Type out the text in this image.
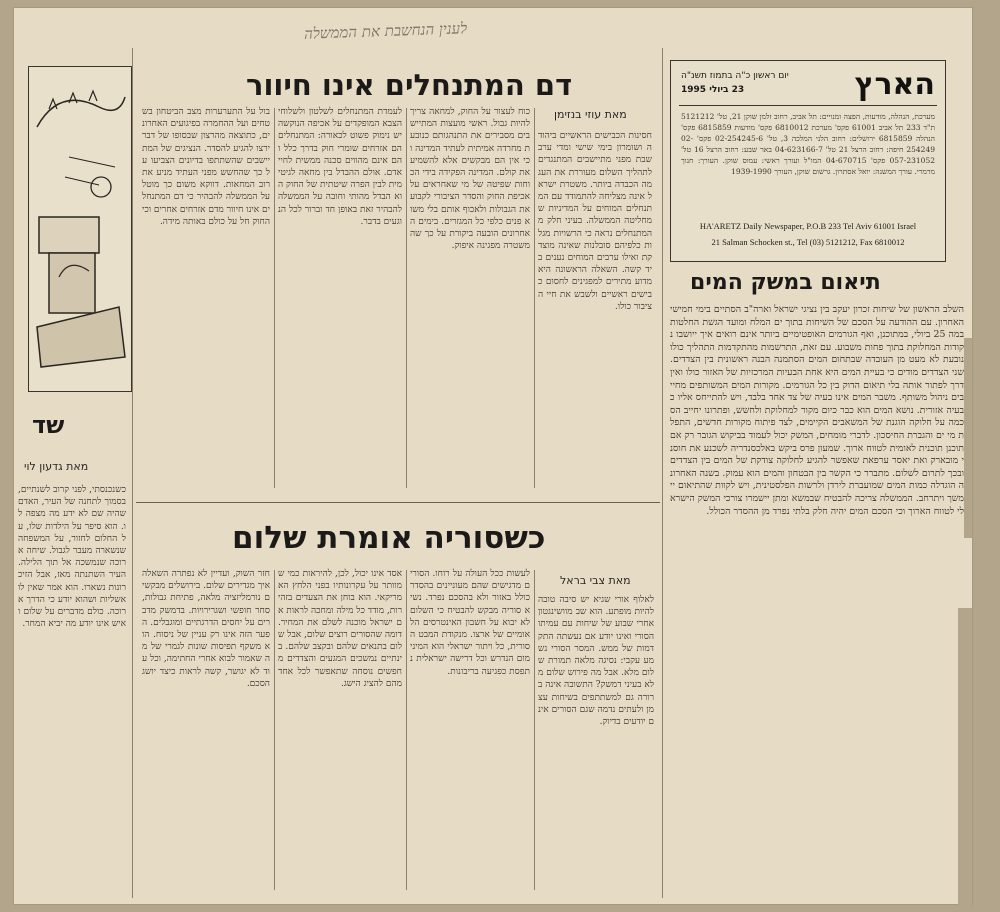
לענין הנחשבת את הממשלה
שד
מאת גדעון לוי
כשנכנסתי, לפני קרוב לשנתיים, בסמוך לתחנה של העיר, האדם שהיה שם לא ידע מה מצפה לו. הוא סיפר על הילדות שלו, על החלום לחזור, על המשפחה שנשארה מעבר לגבול. שיחה ארוכה שנמשכה אל תוך הלילה. העיר השתנתה מאז, אבל הזיכרונות נשארו. הוא אמר שאין לו אשליות ושהוא יודע כי הדרך ארוכה. כולם מדברים על שלום ואיש אינו יודע מה יביא המחר.
דם המתנחלים אינו חיוור
מאת עוזי בנזימן
חסינות הכבישים הראשיים ביהודה ושומרון בימי שישי ומדי ערב שבת מפני מתיישבים המתנגדים לתהליך השלום מעוררת את העגמה הכבדה ביותר. משטרת ישראל אינה מצליחה להתמודד עם המתנחלים המוחים על המדיניות שמחליטה הממשלה. בעיני חלק מהמתנחלים נראה כי הרשויות מגלות כלפיהם סובלנות שאינה מוצדקת ואילו ערבים המוחים נענים ביד קשה. השאלה הראשונה היא מדוע מתירים למפגינים לחסום כבישים ראשיים ולשבש את חיי הציבור כולו.
כוח לעצור על החוק, למחאה צריך להיות גבול. ראשי מועצות המתיישבים מסבירים את התנהגותם כנובעת מחרדה אמיתית לעתיד המדינה וכי אין הם מבקשים אלא להשמיע את קולם. המדינה הפקידה בידי הכוחות שפיטה של מי שאחראים על אכיפת החוק והסדר הציבורי לקבוע את הגבולות ולאכוף אותם בלי משוא פנים כלפי כל המגזרים. בימים האחרונים הובעה ביקורת על כך שהמשטרה מפגינה איפוק.
לעמדת המתנחלים לשלטון ולשלוחי הצבא המופקדים על אכיפה הנוקשה יש נימוק פשוט לכאורה: המתנחלים הם אזרחים שומרי חוק בדרך כלל והם אינם מהווים סכנה ממשית לחיי אדם. אולם ההבדל בין מחאה לגיטימית לבין הפרה שיטתית של החוק הוא הבדל מהותי וחובה על הממשלה להבהיר זאת באופן חד וברור לכל הנוגעים בדבר.
בול על התערערות מצב הביטחון בשטחים ועל ההחמרה בפיגועים האחרונים, כתוצאה מהרצון שבסופו של דבר ירצו להגיע להסדר. הנציגים של המתיישבים שהשתתפו בדיונים הצביעו על כך שהחשש מפני העתיד מניע את רוב המחאות. דווקא משום כך מוטל על הממשלה להבהיר כי דם המתנחלים אינו חיוור מדם אזרחים אחרים וכי החוק חל על כולם באותה מידה.
כשסוריה אומרת שלום
מאת צבי בראל
לאלוף אורי שגיא יש סיבה טובה להיות מופתע. הוא שב מוושינגטון אחרי שבוע של שיחות עם עמיתו הסורי ואינו יודע אם נעשתה התקדמות של ממש. המסר הסורי נשמע עקבי: נסיגה מלאה תמורת שלום מלא. אבל מה פירוש שלום מלא בעיני דמשק? התשובה אינה ברורה גם למשתתפים בשיחות עצמן ולעתים נדמה שגם הסורים אינם יודעים בדיוק.
לעשות ככל העולה על רוחו. הסורים מדגישים שהם מעוניינים בהסדר כולל באזור ולא בהסכם נפרד. נשיא סוריה מבקש להבטיח כי השלום לא יבוא על חשבון האינטרסים הלאומיים של ארצו. מנקודת המבט הסורית, כל ויתור ישראלי הוא המינימום הנדרש וכל דרישה ישראלית נתפסת כפגיעה בריבונות.
אסד אינו יכול, לכן, להיראות כמי שמוותר על עקרונותיו בפני הלחץ האמריקאי. הוא בוחן את הצעדים בזהירות, מודד כל מילה ומחכה לראות אם ישראל מוכנה לשלם את המחיר. דומה שהסורים רוצים שלום, אבל שלום בתנאים שלהם ובקצב שלהם. בינתיים נמשכים המגעים והצדדים מחפשים נוסחה שתאפשר לכל אחד מהם להציג הישג.
חזר השוק, ועדיין לא נפתרה השאלה איך מגדירים שלום. בירושלים מבקשים נורמליזציה מלאה, פתיחת גבולות, סחר חופשי ושגרירויות. בדמשק מדברים על יחסים הדרגתיים ומוגבלים. הפער הזה אינו רק עניין של ניסוח. הוא משקף תפיסות שונות לגמרי של מה שאמור לבוא אחרי החתימה, וכל עוד לא יגושר, קשה לראות כיצד יושג הסכם.
הארץ
יום ראשון כ"ה בתמוז תשנ"ה
23 ביולי 1995
מערכת, הנהלה, מודעות, הפצה ומנויים: תל אביב, רחוב זלמן שוקן 21, טל' 5121212 ת"ד 233 תל אביב 61001 פקס' מערכת 6810012 פקס' מודעות 6815859 פקס' הנהלה 6815859 ירושלים: רחוב הלני המלכה 3, טל' 02-254245-6 פקס' 02-254249 חיפה: רחוב הרצל 21 טל' 04-623166-7 באר שבע: רחוב הרצל 16 טל' 057-231052 פקס' 04-670715 המו"ל ועורך ראשי: עמוס שוקן. העורך: חנוך מרמרי. עורך המשנה: יואל אסתרון. גרשום שוקן, העורך 1939-1990
HA'ARETZ Daily Newspaper, P.O.B 233 Tel Aviv 61001 Israel
21 Salman Schocken st., Tel (03) 5121212, Fax 6810012
תיאום במשק המים
השלב הראשון של שיחות זכרון יעקב בין נציגי ישראל וארה"ב הסתיים בימי חמישי האחרון. עם ההודעה על הסכם של השיחות בתוך ים המלח ומועד הגשת החלטות במה 25 ביולי, במתוכנן, ואף הגורמים האופטימיים ביותר אינם רואים איך ייושבו נקודות המחלוקת בתוך פחות משבוע. עם זאת, התרשמות מהתקדמות התהליך כולו נובעת לא מעט מן העובדה שבתחום המים הסתמנה הבנה ראשונית בין הצדדים. שני הצדדים מודים כי בעיית המים היא אחת הבעיות המרכזיות של האזור כולו ואין דרך לפתור אותה בלי תיאום הדוק בין כל הגורמים. מקורות המים המשותפים מחייבים ניהול משותף. משבר המים אינו בעיה של צד אחד בלבד, ויש להתייחס אליו כבעיה אזורית. נושא המים הוא כבר כיום מקור למחלוקת ולחשש, ופתרונו יחייב הסכמה על חלוקה הוגנת של המשאבים הקיימים, לצד פיתוח מקורות חדשים, התפלת מי ים והגברת החיסכון. לדברי מומחים, המשק יכול לעמוד בביקוש הגובר רק אם תוכנן תוכנית לאומית לטווח ארוך. שמעון פרס ביקש באלכסנדריה לשכנע את חוסני מובארק ואת יאסר ערפאת שאפשר להגיע לחלוקה צודקת של המים בין הצדדים ובכך לתרום לשלום. מתברר כי הקשר בין הבטחון והמים הוא עמוק. בשנה האחרונה הוגדלה כמות המים שמועברת לירדן ולרשות הפלסטינית, ויש לקוות שהתיאום יימשך ויתרחב. הממשלה צריכה להבטיח שבמשא ומתן יישמרו צורכי המשק הישראלי לטווח הארוך וכי הסכם המים יהיה חלק בלתי נפרד מן ההסדר הכולל.
